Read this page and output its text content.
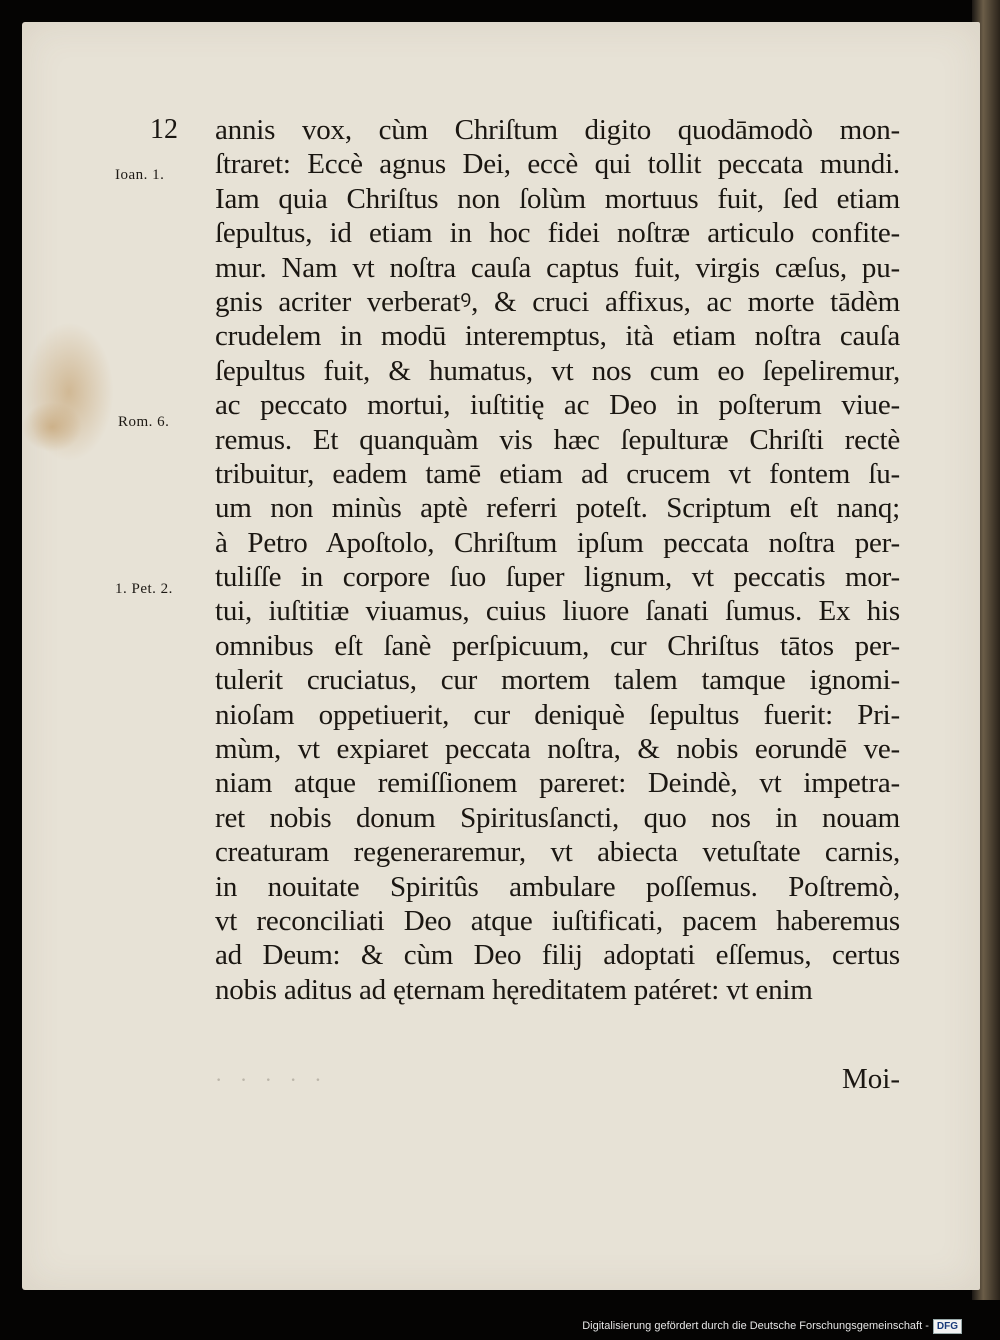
12
Ioan. 1.
Rom. 6.
1. Pet. 2.
annis vox, cùm Chriſtum digito quodāmodò mon-
ſtraret: Eccè agnus Dei, eccè qui tollit peccata mundi.
Iam quia Chriſtus non ſolùm mortuus fuit, ſed etiam
ſepultus, id etiam in hoc fidei noſtræ articulo confite-
mur. Nam vt noſtra cauſa captus fuit, virgis cæſus, pu-
gnis acriter verberatꝰ, & cruci affixus, ac morte tādèm
crudelem in modū interemptus, ità etiam noſtra cauſa
ſepultus fuit, & humatus, vt nos cum eo ſepeliremur,
ac peccato mortui, iuſtitię ac Deo in poſterum viue-
remus. Et quanquàm vis hæc ſepulturæ Chriſti rectè
tribuitur, eadem tamē etiam ad crucem vt fontem ſu-
um non minùs aptè referri poteſt. Scriptum eſt nanq;
à Petro Apoſtolo, Chriſtum ipſum peccata noſtra per-
tuliſſe in corpore ſuo ſuper lignum, vt peccatis mor-
tui, iuſtitiæ viuamus, cuius liuore ſanati ſumus. Ex his
omnibus eſt ſanè perſpicuum, cur Chriſtus tātos per-
tulerit cruciatus, cur mortem talem tamque ignomi-
nioſam oppetiuerit, cur deniquè ſepultus fuerit: Pri-
mùm, vt expiaret peccata noſtra, & nobis eorundē ve-
niam atque remiſſionem pareret: Deindè, vt impetra-
ret nobis donum Spiritusſancti, quo nos in nouam
creaturam regeneraremur, vt abiecta vetuſtate carnis,
in nouitate Spiritûs ambulare poſſemus. Poſtremò,
vt reconciliati Deo atque iuſtificati, pacem haberemus
ad Deum: & cùm Deo filij adoptati eſſemus, certus
nobis aditus ad ęternam hęreditatem patéret: vt enim
· · · · ·	Moi-
Digitalisierung gefördert durch die Deutsche Forschungsgemeinschaft - DFG
